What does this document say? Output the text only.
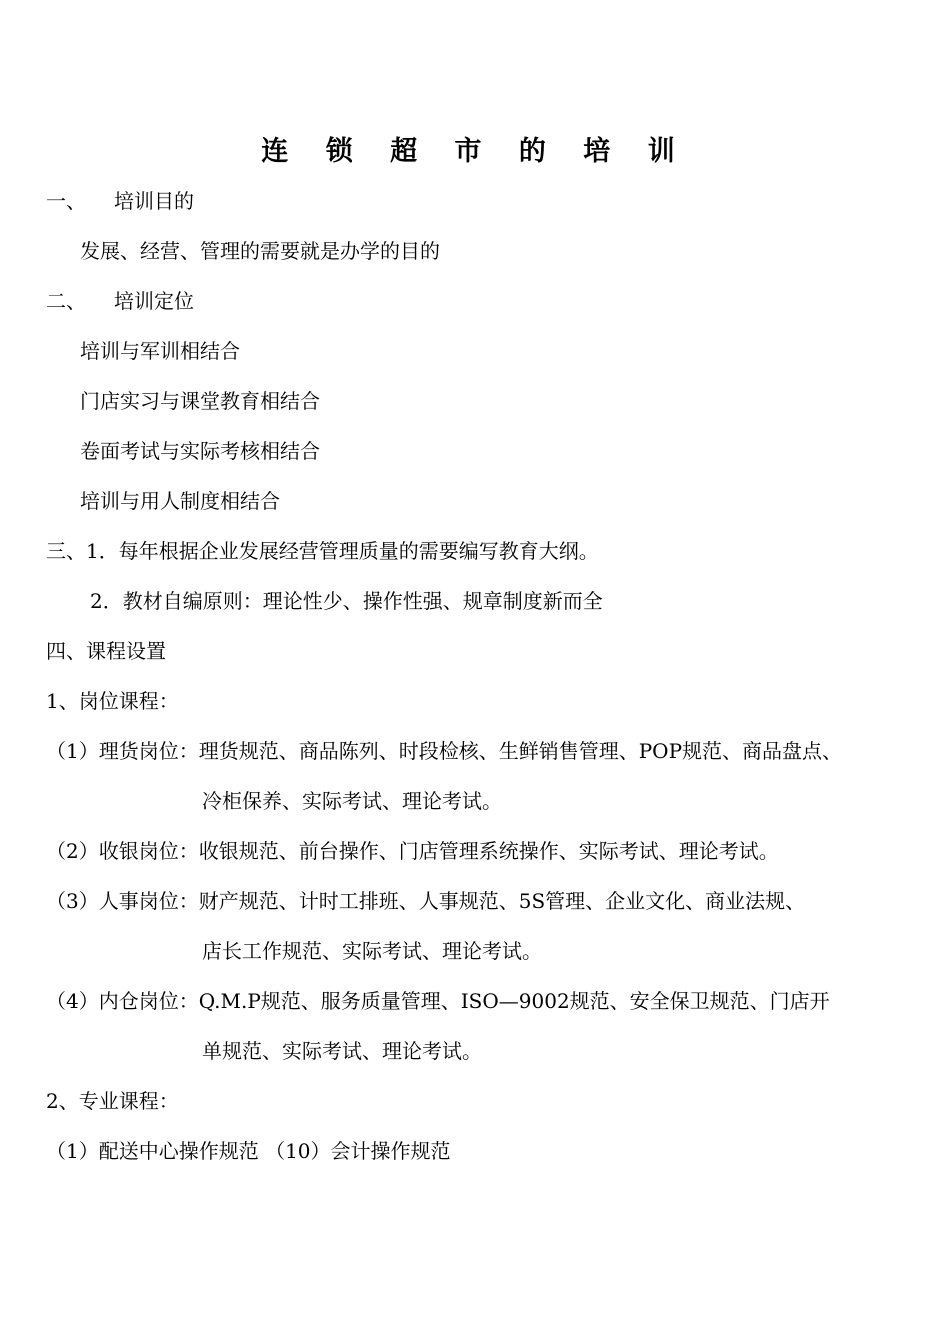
连 锁 超 市 的 培 训
一、 培训目的
发展、经营、管理的需要就是办学的目的
二、 培训定位
培训与军训相结合
门店实习与课堂教育相结合
卷面考试与实际考核相结合
培训与用人制度相结合
三、1．每年根据企业发展经营管理质量的需要编写教育大纲。
2．教材自编原则：理论性少、操作性强、规章制度新而全
四、课程设置
1、岗位课程：
（1）理货岗位：理货规范、商品陈列、时段检核、生鲜销售管理、POP规范、商品盘点、
冷柜保养、实际考试、理论考试。
（2）收银岗位：收银规范、前台操作、门店管理系统操作、实际考试、理论考试。
（3）人事岗位：财产规范、计时工排班、人事规范、5S管理、企业文化、商业法规、
店长工作规范、实际考试、理论考试。
（4）内仓岗位：Q.M.P规范、服务质量管理、ISO—9002规范、安全保卫规范、门店开
单规范、实际考试、理论考试。
2、专业课程：
（1）配送中心操作规范 （10）会计操作规范
